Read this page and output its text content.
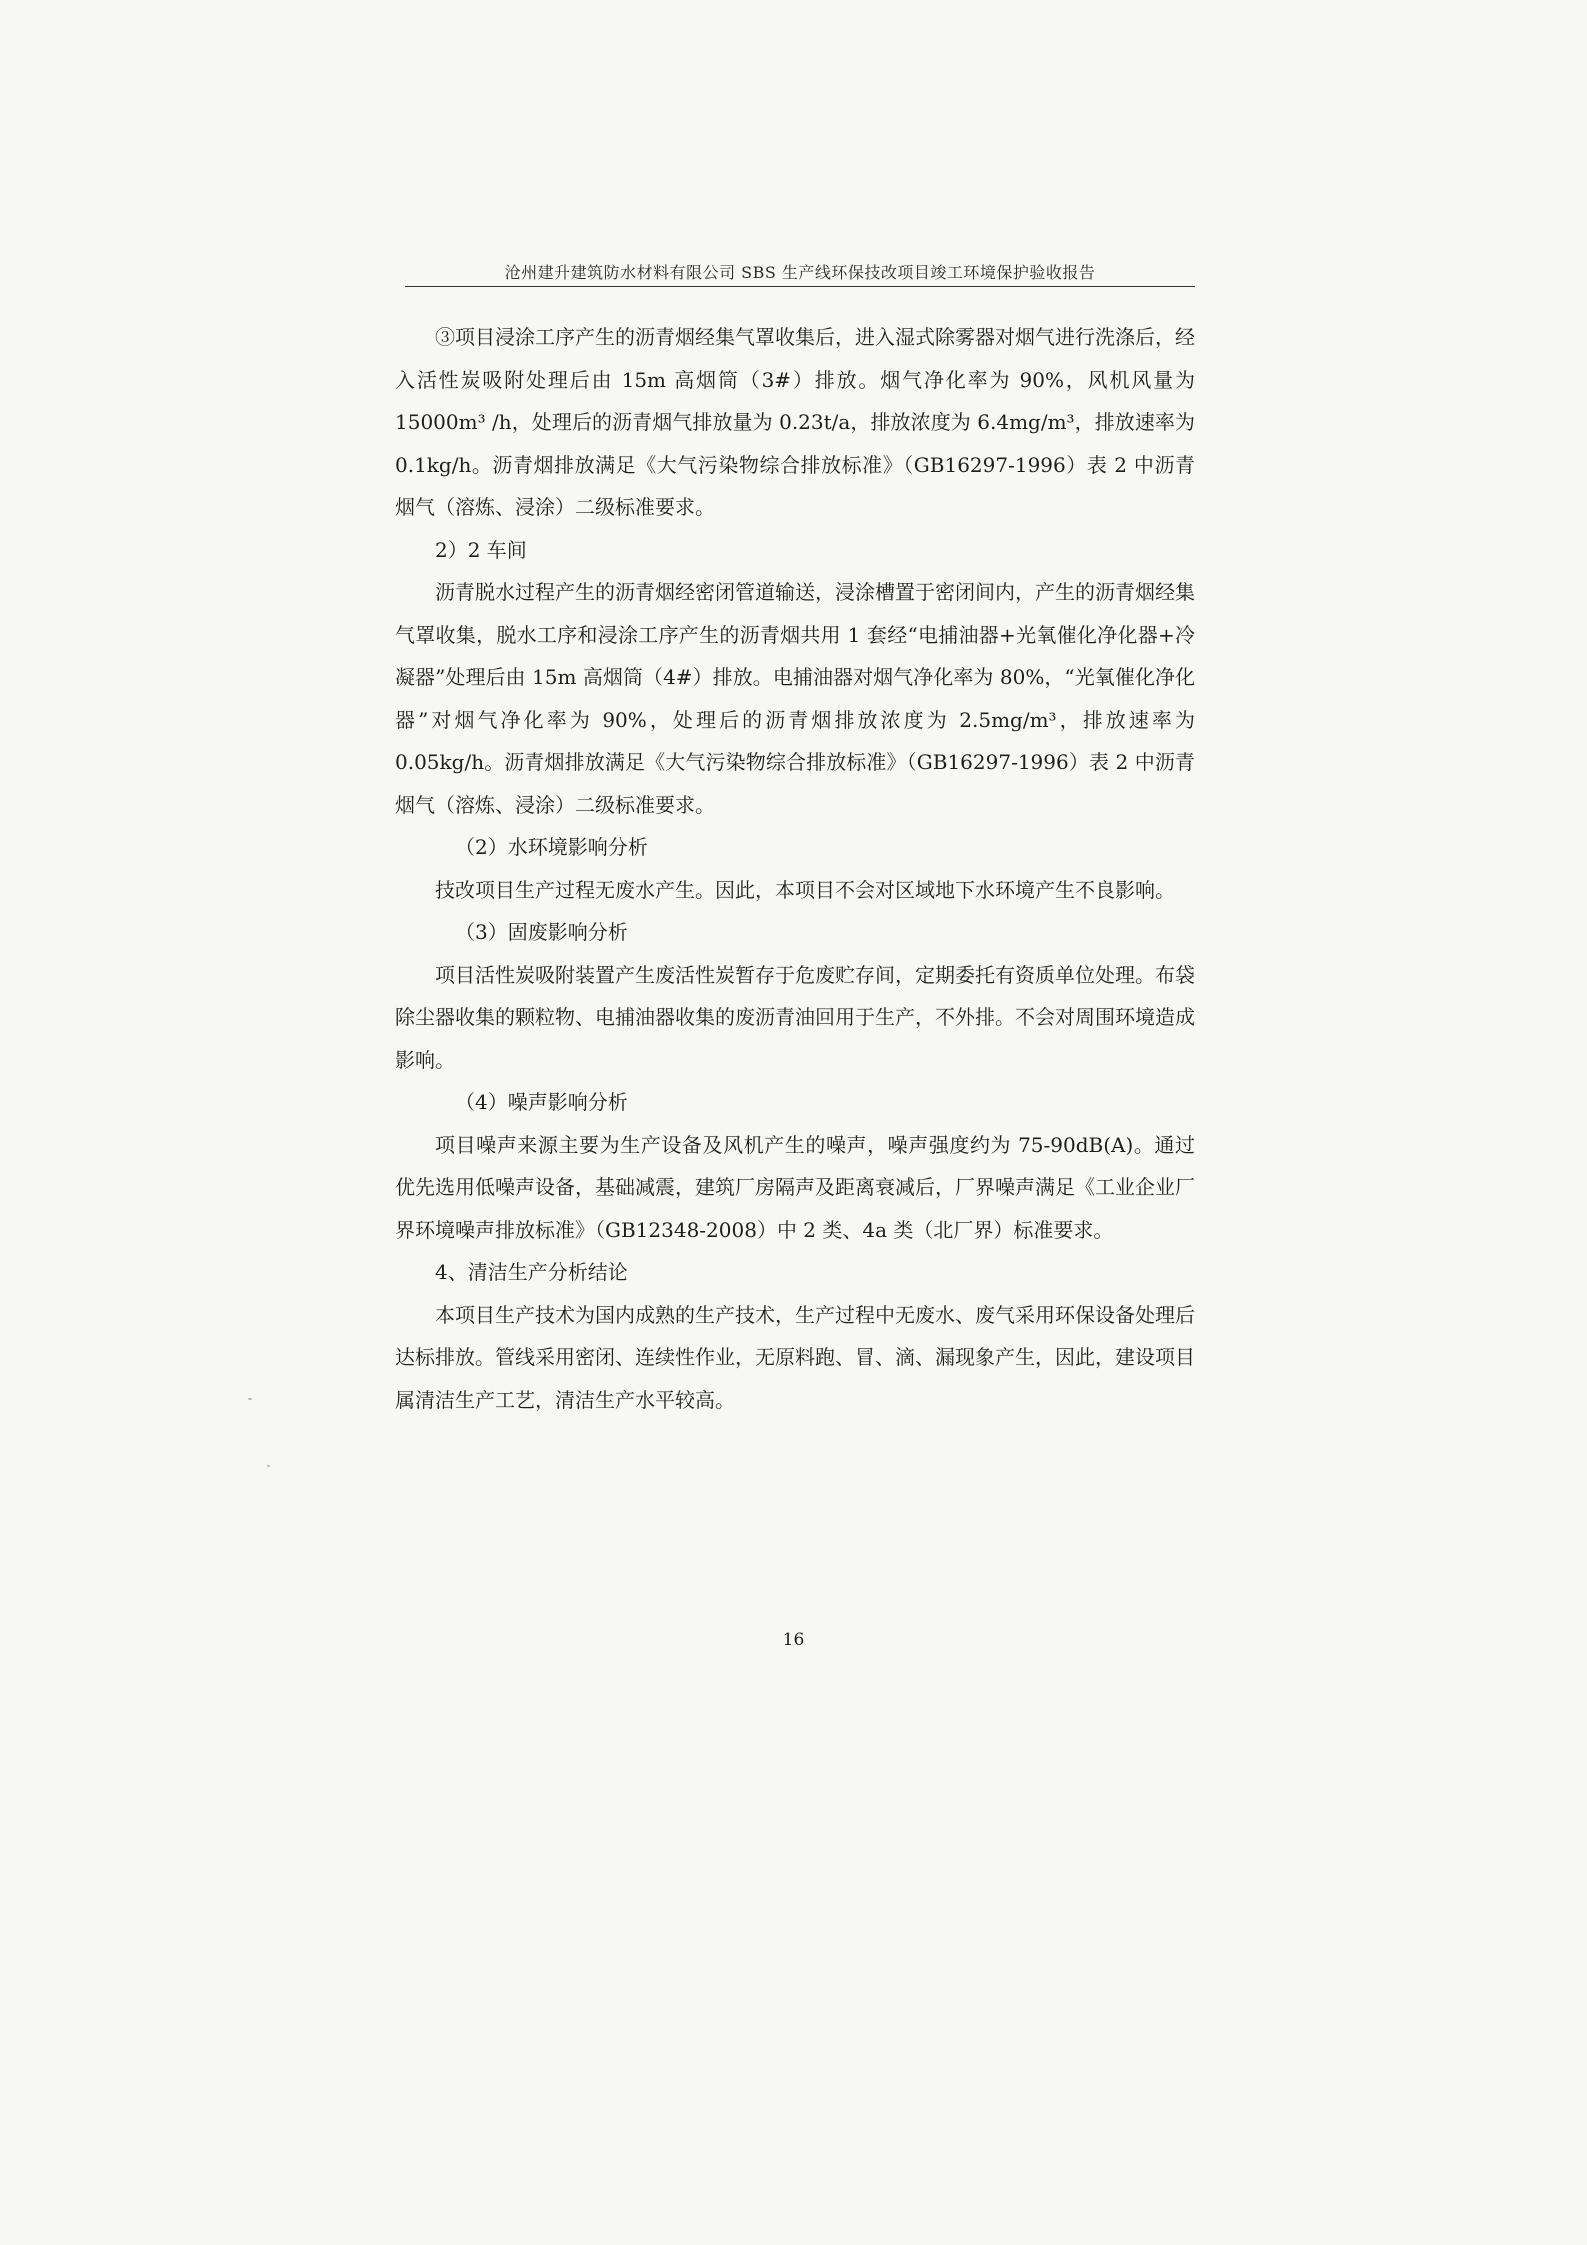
沧州建升建筑防水材料有限公司 SBS 生产线环保技改项目竣工环境保护验收报告

③项目浸涂工序产生的沥青烟经集气罩收集后，进入湿式除雾器对烟气进行洗涤后，经入活性炭吸附处理后由 15m 高烟筒（3#）排放。烟气净化率为 90%，风机风量为 15000m³ /h，处理后的沥青烟气排放量为 0.23t/a，排放浓度为 6.4mg/m³，排放速率为 0.1kg/h。沥青烟排放满足《大气污染物综合排放标准》（GB16297-1996）表 2 中沥青烟气（溶炼、浸涂）二级标准要求。

2）2 车间

沥青脱水过程产生的沥青烟经密闭管道输送，浸涂槽置于密闭间内，产生的沥青烟经集气罩收集，脱水工序和浸涂工序产生的沥青烟共用 1 套经“电捕油器+光氧催化净化器+冷凝器”处理后由 15m 高烟筒（4#）排放。电捕油器对烟气净化率为 80%，“光氧催化净化器”对烟气净化率为 90%，处理后的沥青烟排放浓度为 2.5mg/m³，排放速率为 0.05kg/h。沥青烟排放满足《大气污染物综合排放标准》（GB16297-1996）表 2 中沥青烟气（溶炼、浸涂）二级标准要求。

（2）水环境影响分析

技改项目生产过程无废水产生。因此，本项目不会对区域地下水环境产生不良影响。

（3）固废影响分析

项目活性炭吸附装置产生废活性炭暂存于危废贮存间，定期委托有资质单位处理。布袋除尘器收集的颗粒物、电捕油器收集的废沥青油回用于生产，不外排。不会对周围环境造成影响。

（4）噪声影响分析

项目噪声来源主要为生产设备及风机产生的噪声，噪声强度约为 75-90dB(A)。通过优先选用低噪声设备，基础减震，建筑厂房隔声及距离衰减后，厂界噪声满足《工业企业厂界环境噪声排放标准》（GB12348-2008）中 2 类、4a 类（北厂界）标准要求。

4、清洁生产分析结论

本项目生产技术为国内成熟的生产技术，生产过程中无废水、废气采用环保设备处理后达标排放。管线采用密闭、连续性作业，无原料跑、冒、滴、漏现象产生，因此，建设项目属清洁生产工艺，清洁生产水平较高。

16
